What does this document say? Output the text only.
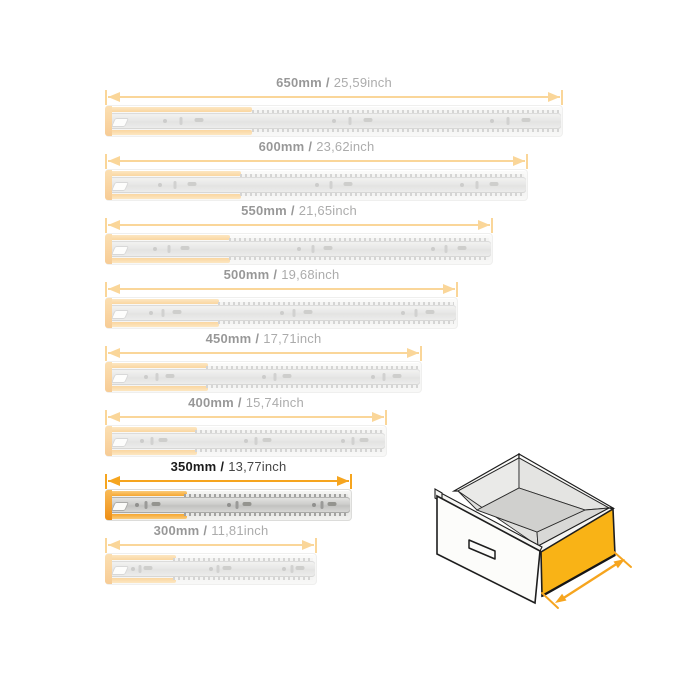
650mm / 25,59inch
600mm / 23,62inch
550mm / 21,65inch
500mm / 19,68inch
450mm / 17,71inch
400mm / 15,74inch
350mm / 13,77inch
300mm / 11,81inch
